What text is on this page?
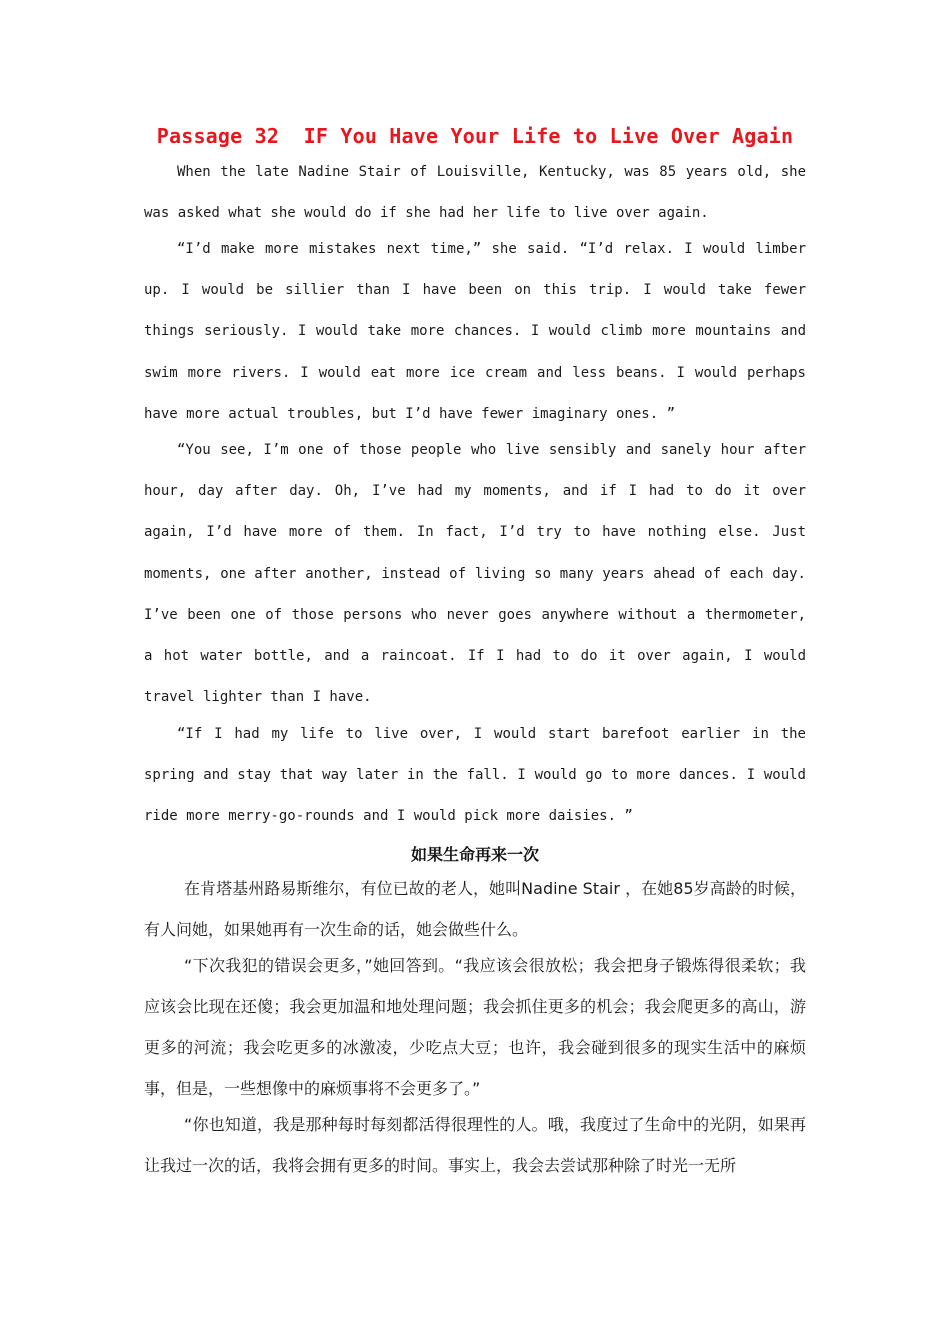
Passage 32  IF You Have Your Life to Live Over Again

When the late Nadine Stair of Louisville, Kentucky, was 85 years old, she was asked what she would do if she had her life to live over again.

“I’d make more mistakes next time,” she said. “I’d relax. I would limber up. I would be sillier than I have been on this trip. I would take fewer things seriously. I would take more chances. I would climb more mountains and swim more rivers. I would eat more ice cream and less beans. I would perhaps have more actual troubles, but I’d have fewer imaginary ones. ”

“You see, I’m one of those people who live sensibly and sanely hour after hour, day after day. Oh, I’ve had my moments, and if I had to do it over again, I’d have more of them. In fact, I’d try to have nothing else. Just moments, one after another, instead of living so many years ahead of each day. I’ve been one of those persons who never goes anywhere without a thermometer, a hot water bottle, and a raincoat. If I had to do it over again, I would travel lighter than I have.

“If I had my life to live over, I would start barefoot earlier in the spring and stay that way later in the fall. I would go to more dances. I would ride more merry-go-rounds and I would pick more daisies. ”

如果生命再来一次

在肯塔基州路易斯维尔，有位已故的老人，她叫Nadine Stair ，在她85岁高龄的时候，有人问她，如果她再有一次生命的话，她会做些什么。

“下次我犯的错误会更多，”她回答到。“我应该会很放松；我会把身子锻炼得很柔软；我应该会比现在还傻；我会更加温和地处理问题；我会抓住更多的机会；我会爬更多的高山，游更多的河流；我会吃更多的冰激凌，少吃点大豆；也许，我会碰到很多的现实生活中的麻烦事，但是，一些想像中的麻烦事将不会更多了。”

“你也知道，我是那种每时每刻都活得很理性的人。哦，我度过了生命中的光阴，如果再让我过一次的话，我将会拥有更多的时间。事实上，我会去尝试那种除了时光一无所
